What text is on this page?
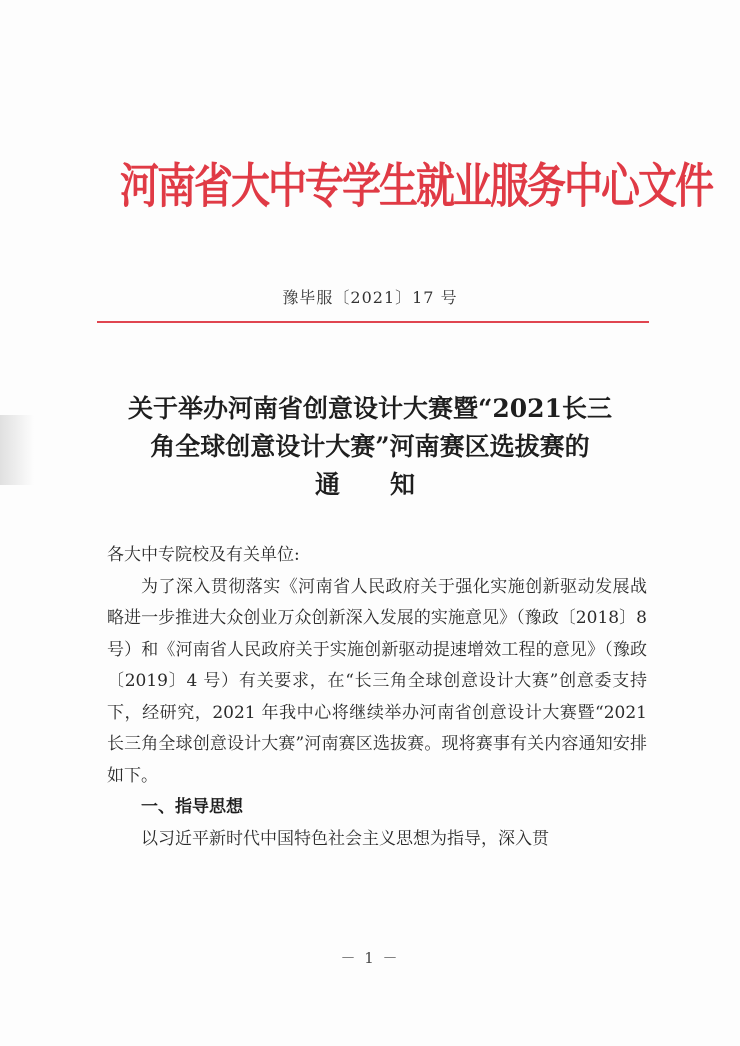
河南省大中专学生就业服务中心文件
豫毕服〔2021〕17 号
关于举办河南省创意设计大赛暨“2021长三
角全球创意设计大赛”河南赛区选拔赛的
通知

各大中专院校及有关单位:

为了深入贯彻落实《河南省人民政府关于强化实施创新驱动发展战略进一步推进大众创业万众创新深入发展的实施意见》（豫政〔2018〕8 号）和《河南省人民政府关于实施创新驱动提速增效工程的意见》（豫政〔2019〕4 号）有关要求，在“长三角全球创意设计大赛”创意委支持下，经研究，2021 年我中心将继续举办河南省创意设计大赛暨“2021 长三角全球创意设计大赛”河南赛区选拔赛。现将赛事有关内容通知安排如下。

一、指导思想

以习近平新时代中国特色社会主义思想为指导，深入贯

－ 1 －
